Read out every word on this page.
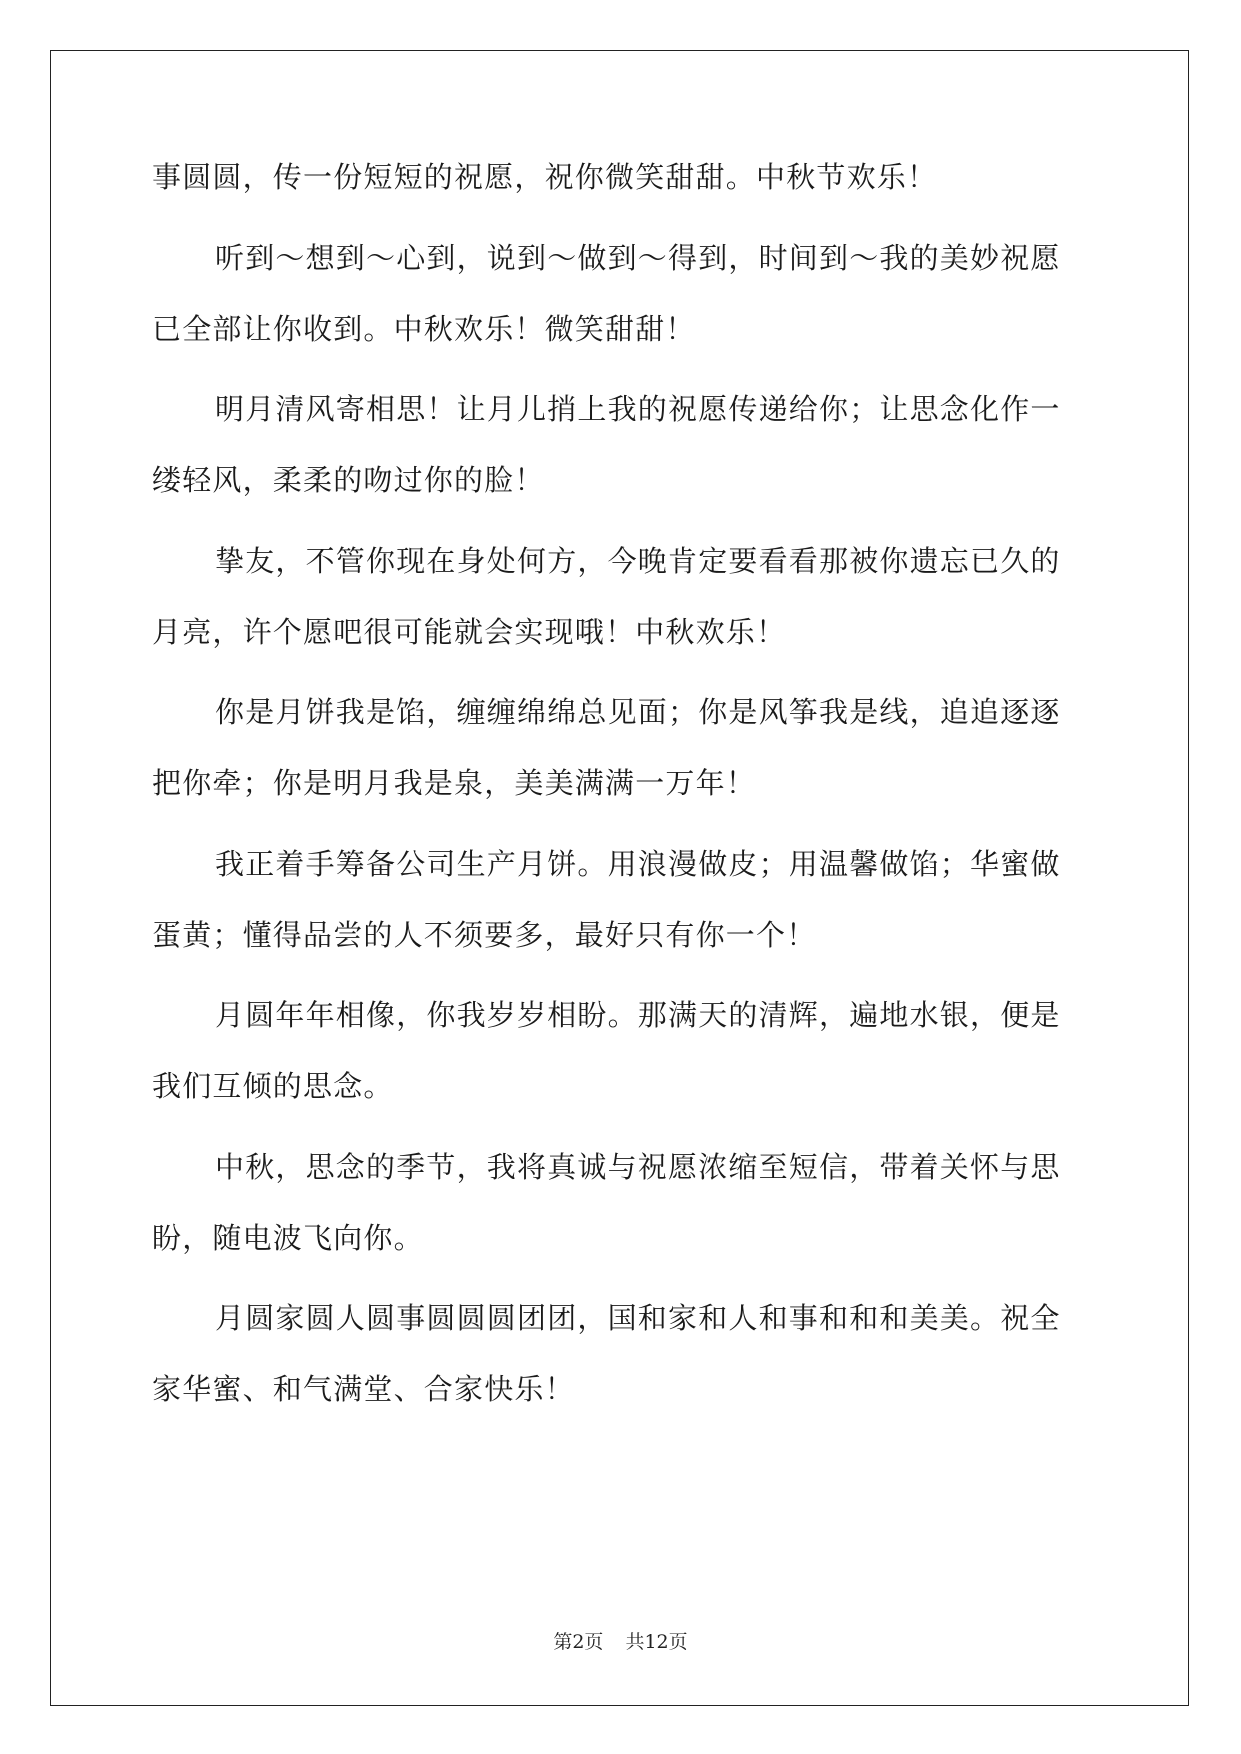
事圆圆，传一份短短的祝愿，祝你微笑甜甜。中秋节欢乐！
听到～想到～心到，说到～做到～得到，时间到～我的美妙祝愿
已全部让你收到。中秋欢乐！微笑甜甜！
明月清风寄相思！让月儿捎上我的祝愿传递给你；让思念化作一
缕轻风，柔柔的吻过你的脸！
挚友，不管你现在身处何方，今晚肯定要看看那被你遗忘已久的
月亮，许个愿吧很可能就会实现哦！中秋欢乐！
你是月饼我是馅，缠缠绵绵总见面；你是风筝我是线，追追逐逐
把你牵；你是明月我是泉，美美满满一万年！
我正着手筹备公司生产月饼。用浪漫做皮；用温馨做馅；华蜜做
蛋黄；懂得品尝的人不须要多，最好只有你一个！
月圆年年相像，你我岁岁相盼。那满天的清辉，遍地水银，便是
我们互倾的思念。
中秋，思念的季节，我将真诚与祝愿浓缩至短信，带着关怀与思
盼，随电波飞向你。
月圆家圆人圆事圆圆圆团团，国和家和人和事和和和美美。祝全
家华蜜、和气满堂、合家快乐！
第2页 共12页
